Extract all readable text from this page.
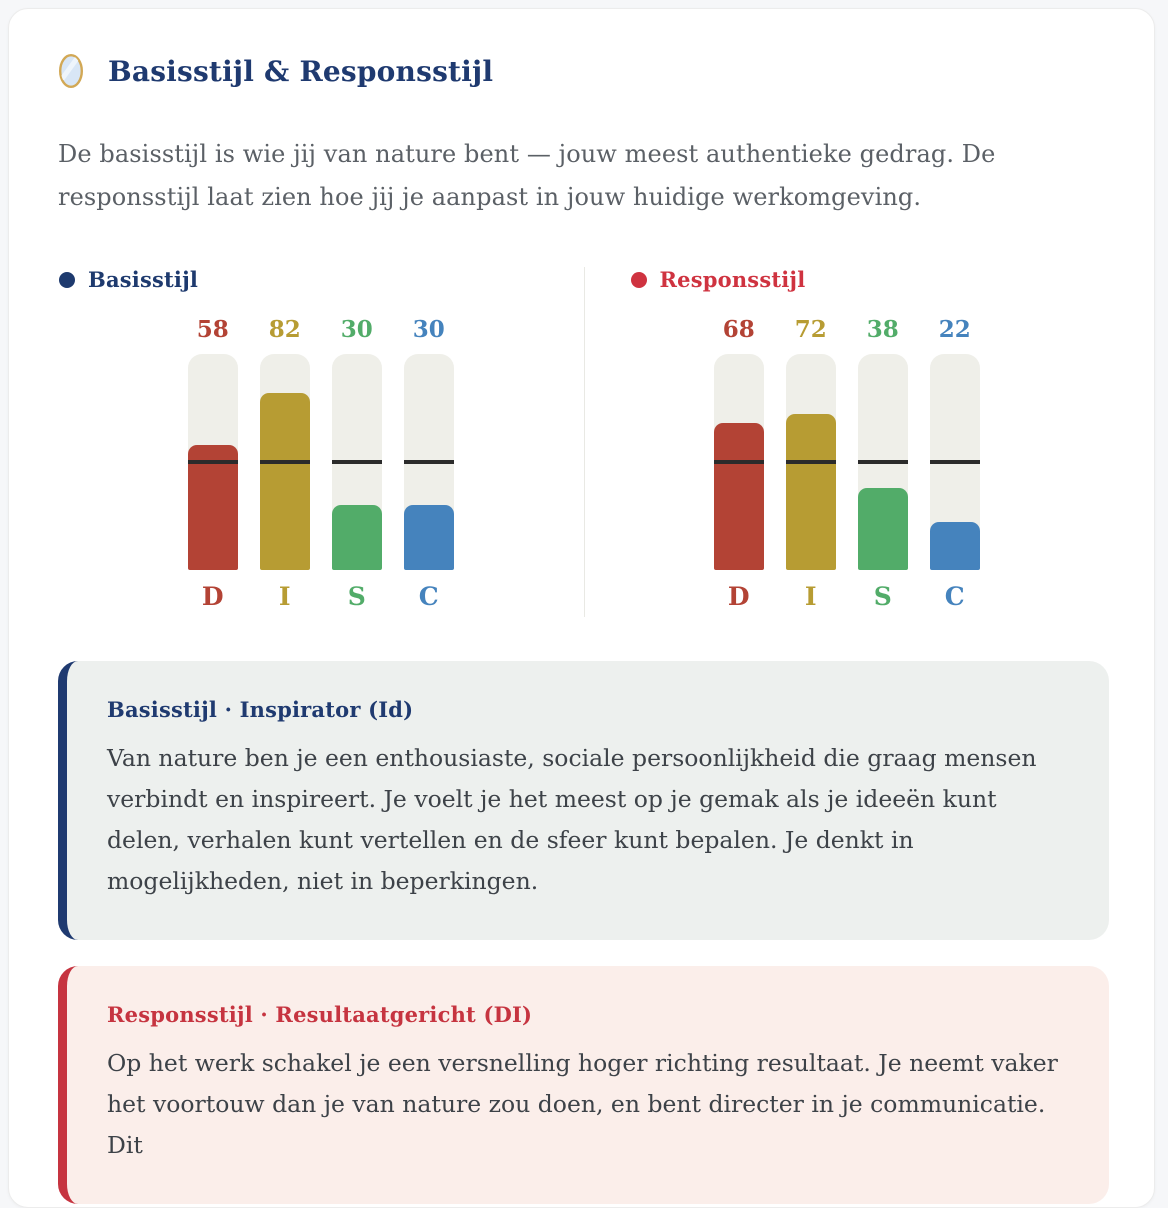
Basisstijl & Responsstijl

De basisstijl is wie jij van nature bent — jouw meest authentieke gedrag. De responsstijl laat zien hoe jij je aanpast in jouw huidige werkomgeving.

Basisstijl
58
D
82
I
30
S
30
C
Responsstijl
68
D
72
I
38
S
22
C
Basisstijl · Inspirator (Id)
Van nature ben je een enthousiaste, sociale persoonlijkheid die graag mensen verbindt en inspireert. Je voelt je het meest op je gemak als je ideeën kunt delen, verhalen kunt vertellen en de sfeer kunt bepalen. Je denkt in mogelijkheden, niet in beperkingen.
Responsstijl · Resultaatgericht (DI)
Op het werk schakel je een versnelling hoger richting resultaat. Je neemt vaker het voortouw dan je van nature zou doen, en bent directer in je communicatie. Dit
